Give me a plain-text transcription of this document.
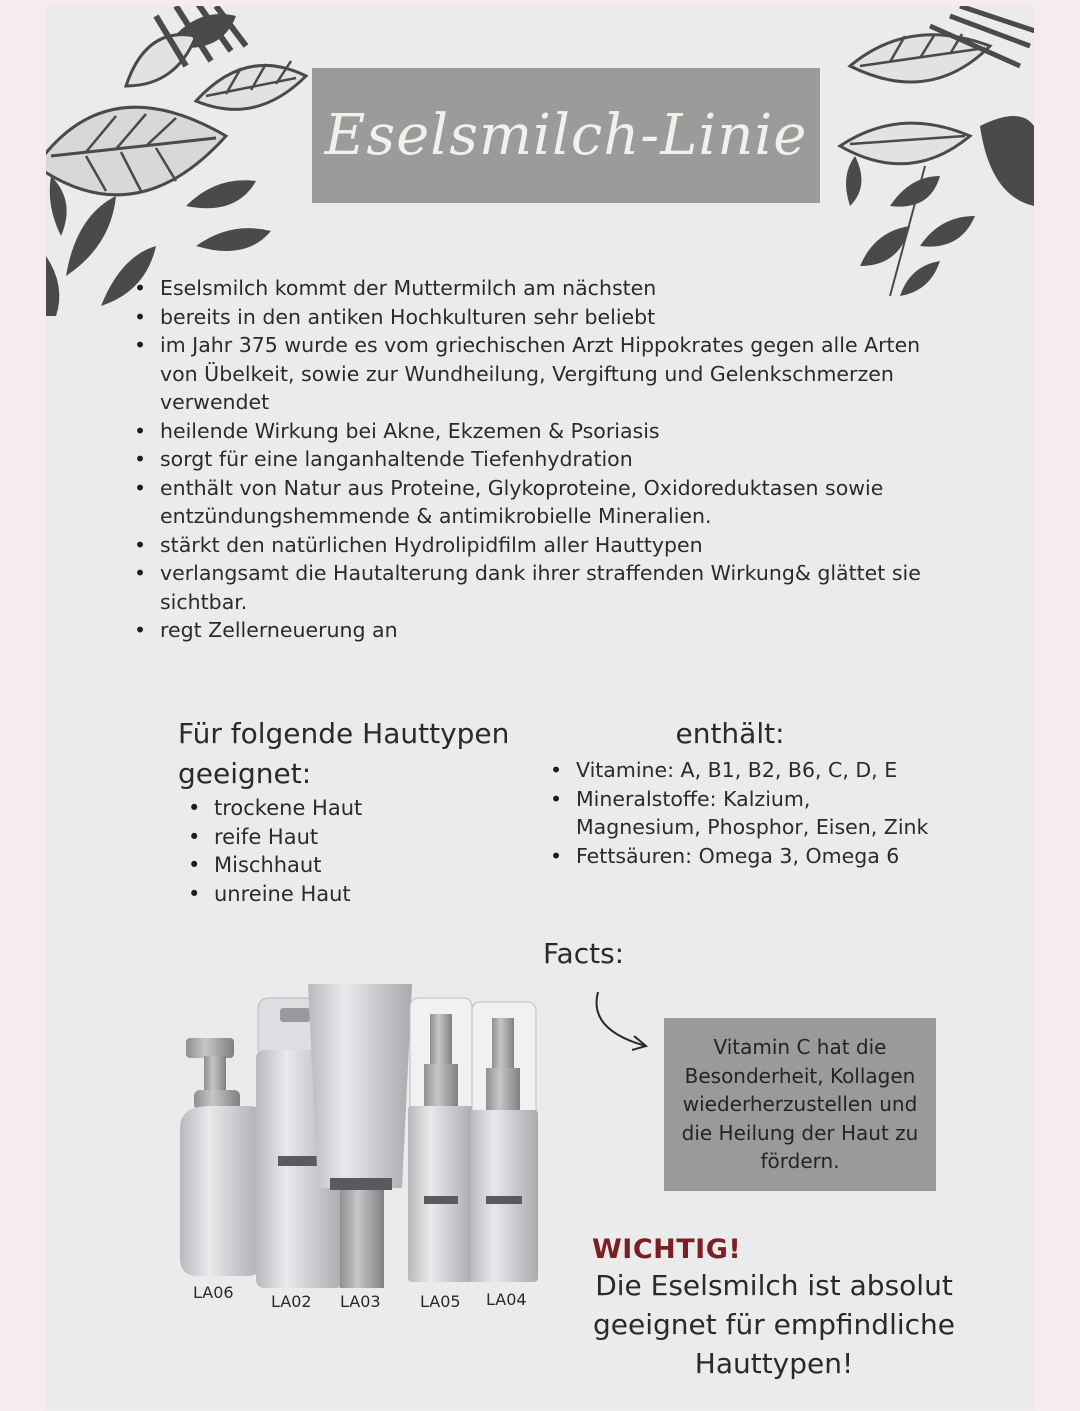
Eselsmilch-Linie
• Eselsmilch kommt der Muttermilch am nächsten
• bereits in den antiken Hochkulturen sehr beliebt
• im Jahr 375 wurde es vom griechischen Arzt Hippokrates gegen alle Arten von Übelkeit, sowie zur Wundheilung, Vergiftung und Gelenkschmerzen verwendet
• heilende Wirkung bei Akne, Ekzemen & Psoriasis
• sorgt für eine langanhaltende Tiefenhydration
• enthält von Natur aus Proteine, Glykoproteine, Oxidoreduktasen sowie entzündungshemmende & antimikrobielle Mineralien.
• stärkt den natürlichen Hydrolipidfilm aller Hauttypen
• verlangsamt die Hautalterung dank ihrer straffenden Wirkung& glättet sie sichtbar.
• regt Zellerneuerung an
Für folgende Hauttypen geeignet:
• trockene Haut
• reife Haut
• Mischhaut
• unreine Haut
enthält:
• Vitamine: A, B1, B2, B6, C, D, E
• Mineralstoffe: Kalzium, Magnesium, Phosphor, Eisen, Zink
• Fettsäuren: Omega 3, Omega 6
Facts:
Vitamin C hat die Besonderheit, Kollagen wiederherzustellen und die Heilung der Haut zu fördern.
LA06 LA02 LA03 LA05 LA04
WICHTIG!
Die Eselsmilch ist absolut geeignet für empfindliche Hauttypen!
